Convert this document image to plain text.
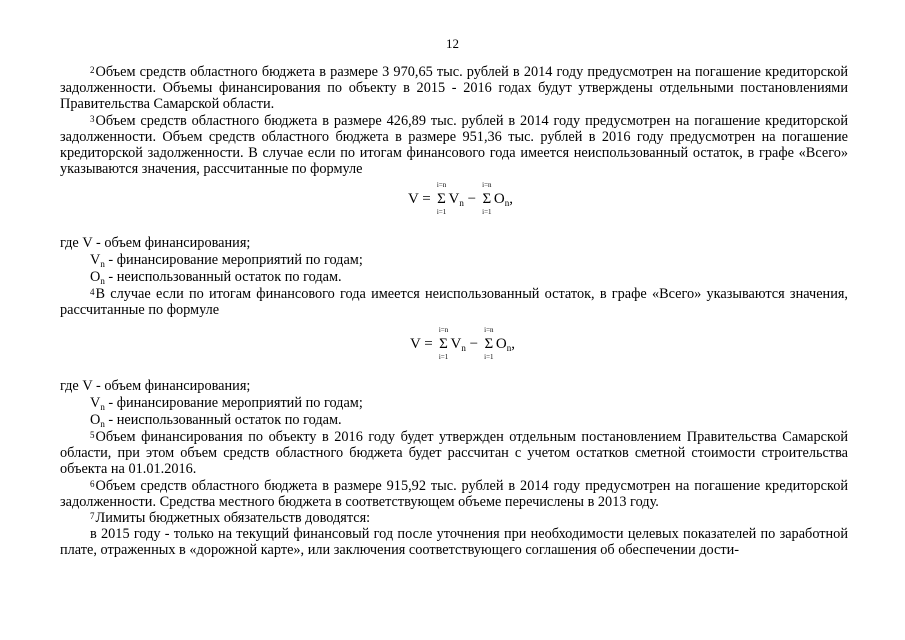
12

$^2$Объем средств областного бюджета в размере 3 970,65 тыс. рублей в 2014 году предусмотрен на погашение кредиторской задолженности. Объемы финансирования по объекту в 2015 - 2016 годах будут утверждены отдельными постановлениями Правительства Самарской области.

$^3$Объем средств областного бюджета в размере 426,89 тыс. рублей в 2014 году предусмотрен на погашение кредиторской задолженности. Объем средств областного бюджета в размере 951,36 тыс. рублей в 2016 году предусмотрен на погашение кредиторской задолженности. В случае если по итогам финансового года имеется неиспользованный остаток, в графе «Всего» указываются значения, рассчитанные по формуле

V =
i=n
Σ
i=1
$V_n$ −
i=n
Σ
i=1
$O_n$,

где V - объем финансирования;

$V_n$ - финансирование мероприятий по годам;

$O_n$ - неиспользованный остаток по годам.

$^4$В случае если по итогам финансового года имеется неиспользованный остаток, в графе «Всего» указываются значения, рассчитанные по формуле

V =
i=n
Σ
i=1
$V_n$ −
i=n
Σ
i=1
$O_n$,

где V - объем финансирования;

$V_n$ - финансирование мероприятий по годам;

$O_n$ - неиспользованный остаток по годам.

$^5$Объем финансирования по объекту в 2016 году будет утвержден отдельным постановлением Правительства Самарской области, при этом объем средств областного бюджета будет рассчитан с учетом остатков сметной стоимости строительства объекта на 01.01.2016.

$^6$Объем средств областного бюджета в размере 915,92 тыс. рублей в 2014 году предусмотрен на погашение кредиторской задолженности. Средства местного бюджета в соответствующем объеме перечислены в 2013 году.

$^7$Лимиты бюджетных обязательств доводятся:

в 2015 году - только на текущий финансовый год после уточнения при необходимости целевых показателей по заработной плате, отраженных в «дорожной карте», или заключения соответствующего соглашения об обеспечении дости-
